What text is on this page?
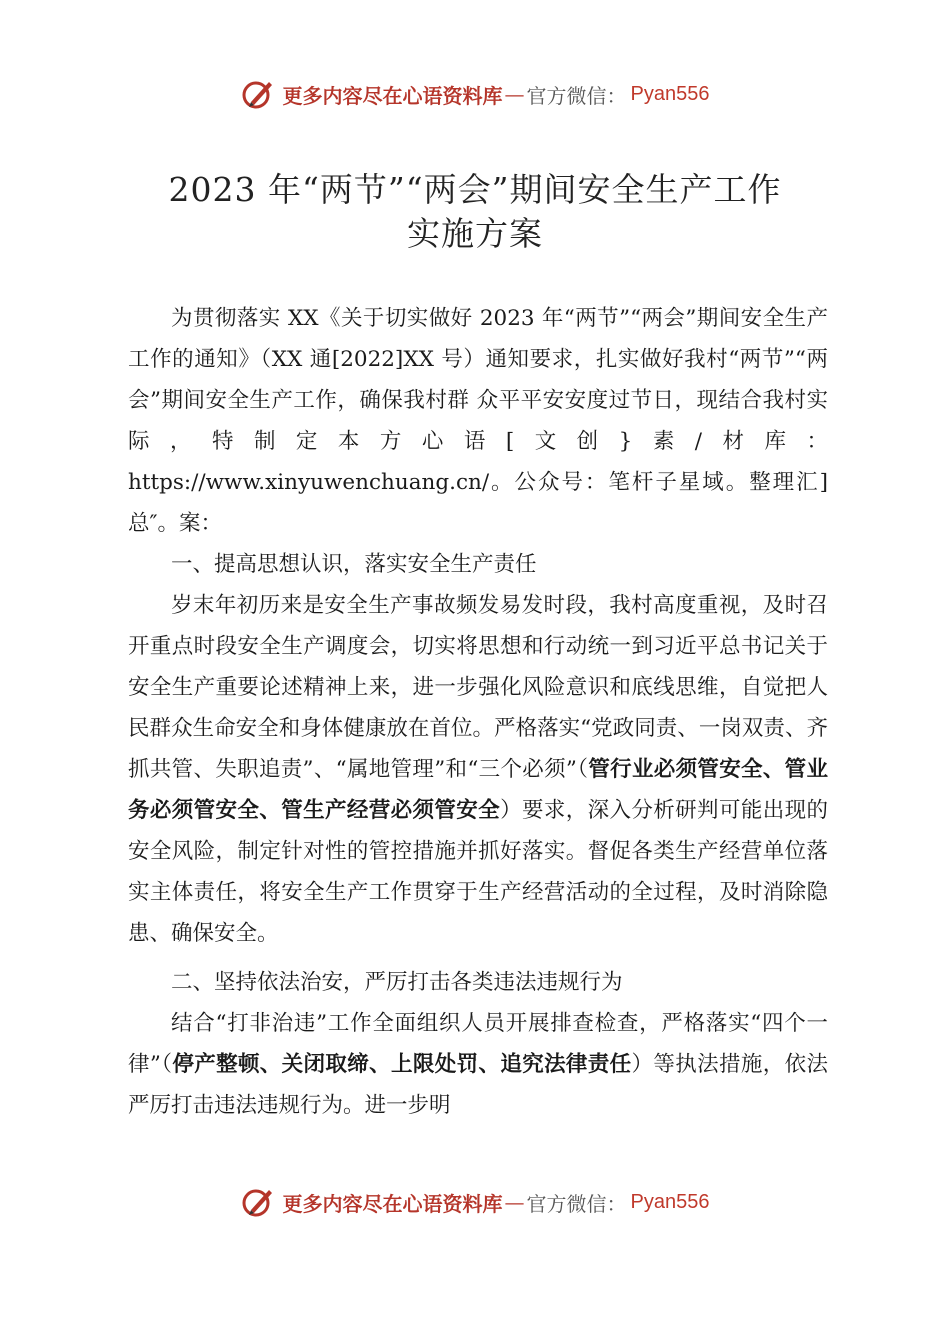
更多内容尽在心语资料库 — 官方微信： Pyan556
2023 年“两节”“两会”期间安全生产工作
实施方案

为贯彻落实 XX《关于切实做好 2023 年“两节”“两会”期间安全生产工作的通知》（XX 通[2022]XX 号）通知要求，扎实做好我村“两节”“两会”期间安全生产工作，确保我村群 众平平安安度过节日，现结合我村实际，特制定本方心语[文创}素/材库：https://www.xinyuwenchuang.cn/。公众号：笔杆子星域。整理汇]总″。案：

一、提高思想认识，落实安全生产责任

岁末年初历来是安全生产事故频发易发时段，我村高度重视，及时召开重点时段安全生产调度会，切实将思想和行动统一到习近平总书记关于安全生产重要论述精神上来，进一步强化风险意识和底线思维，自觉把人民群众生命安全和身体健康放在首位。严格落实“党政同责、一岗双责、齐抓共管、失职追责”、“属地管理”和“三个必须”（管行业必须管安全、管业务必须管安全、管生产经营必须管安全）要求，深入分析研判可能出现的安全风险，制定针对性的管控措施并抓好落实。督促各类生产经营单位落实主体责任，将安全生产工作贯穿于生产经营活动的全过程，及时消除隐患、确保安全。

二、坚持依法治安，严厉打击各类违法违规行为

结合“打非治违”工作全面组织人员开展排查检查，严格落实“四个一律”（停产整顿、关闭取缔、上限处罚、追究法律责任）等执法措施，依法严厉打击违法违规行为。进一步明

更多内容尽在心语资料库 — 官方微信： Pyan556
